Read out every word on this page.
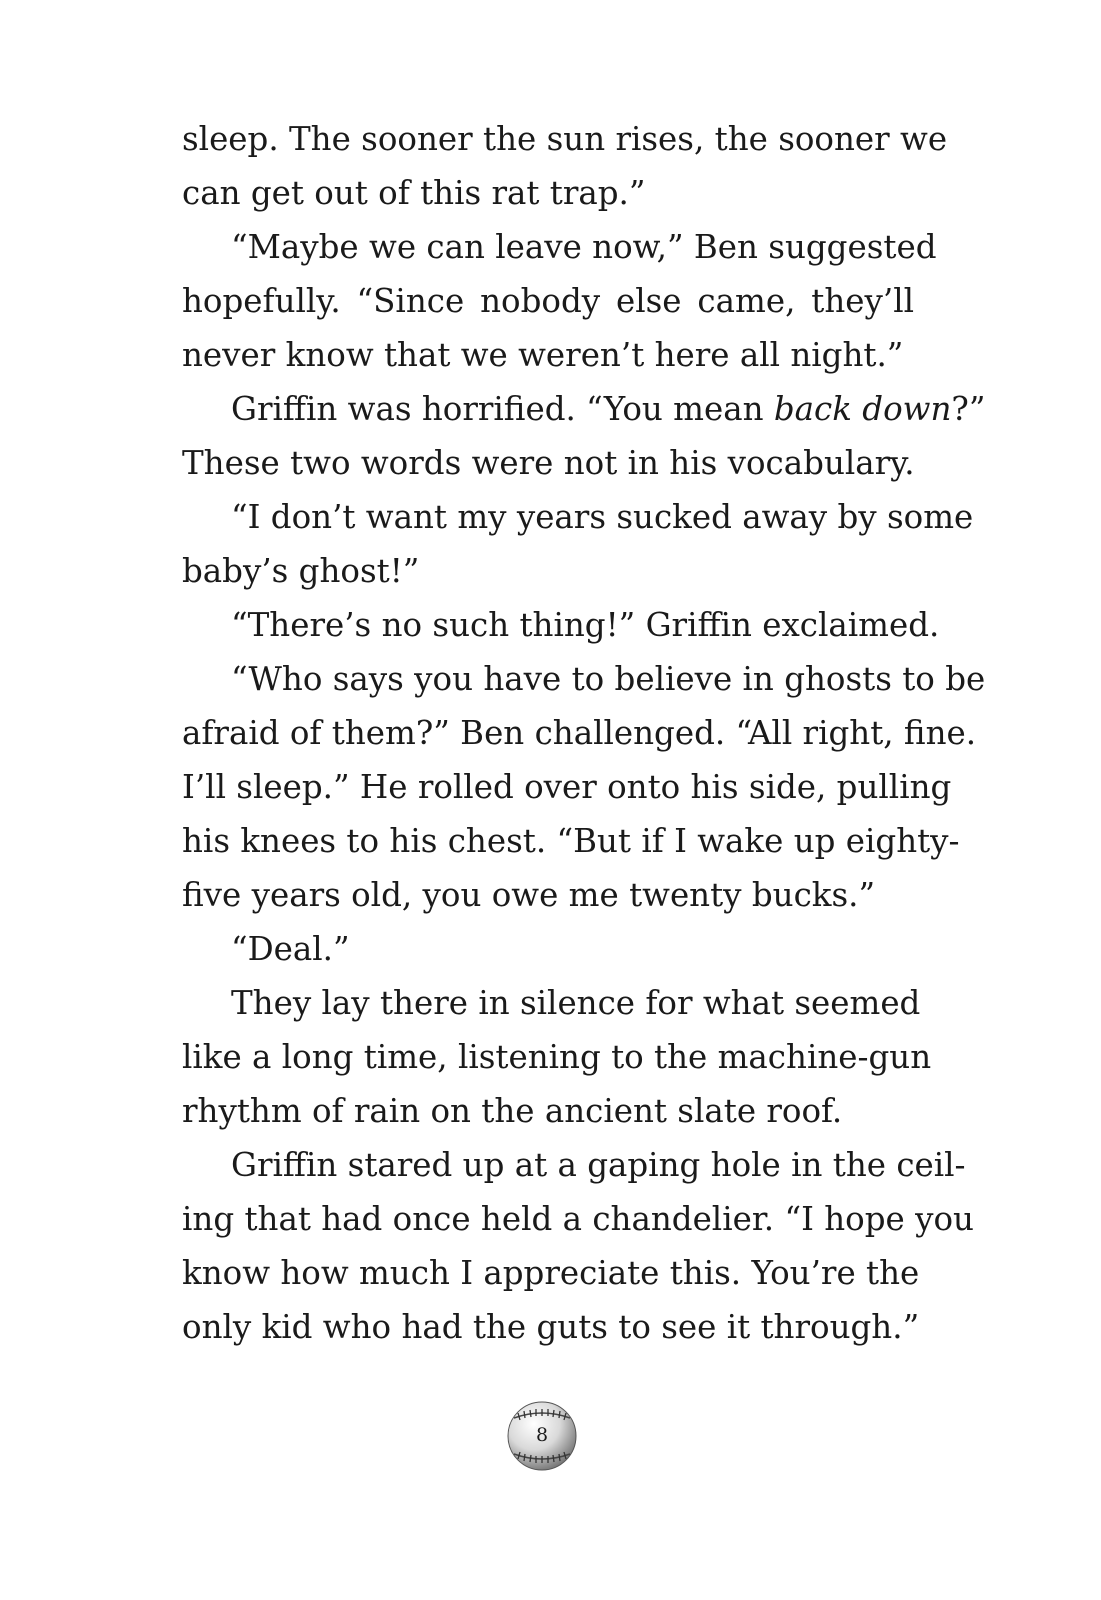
sleep. The sooner the sun rises, the sooner we
can get out of this rat trap.”
“Maybe we can leave now,” Ben suggested
hopefully. “Since nobody else came, they’ll
never know that we weren’t here all night.”
Griffin was horrified. “You mean back down?”
These two words were not in his vocabulary.
“I don’t want my years sucked away by some
baby’s ghost!”
“There’s no such thing!” Griffin exclaimed.
“Who says you have to believe in ghosts to be
afraid of them?” Ben challenged. “All right, fine.
I’ll sleep.” He rolled over onto his side, pulling
his knees to his chest. “But if I wake up eighty-
five years old, you owe me twenty bucks.”
“Deal.”
They lay there in silence for what seemed
like a long time, listening to the machine-gun
rhythm of rain on the ancient slate roof.
Griffin stared up at a gaping hole in the ceil-
ing that had once held a chandelier. “I hope you
know how much I appreciate this. You’re the
only kid who had the guts to see it through.”
8
